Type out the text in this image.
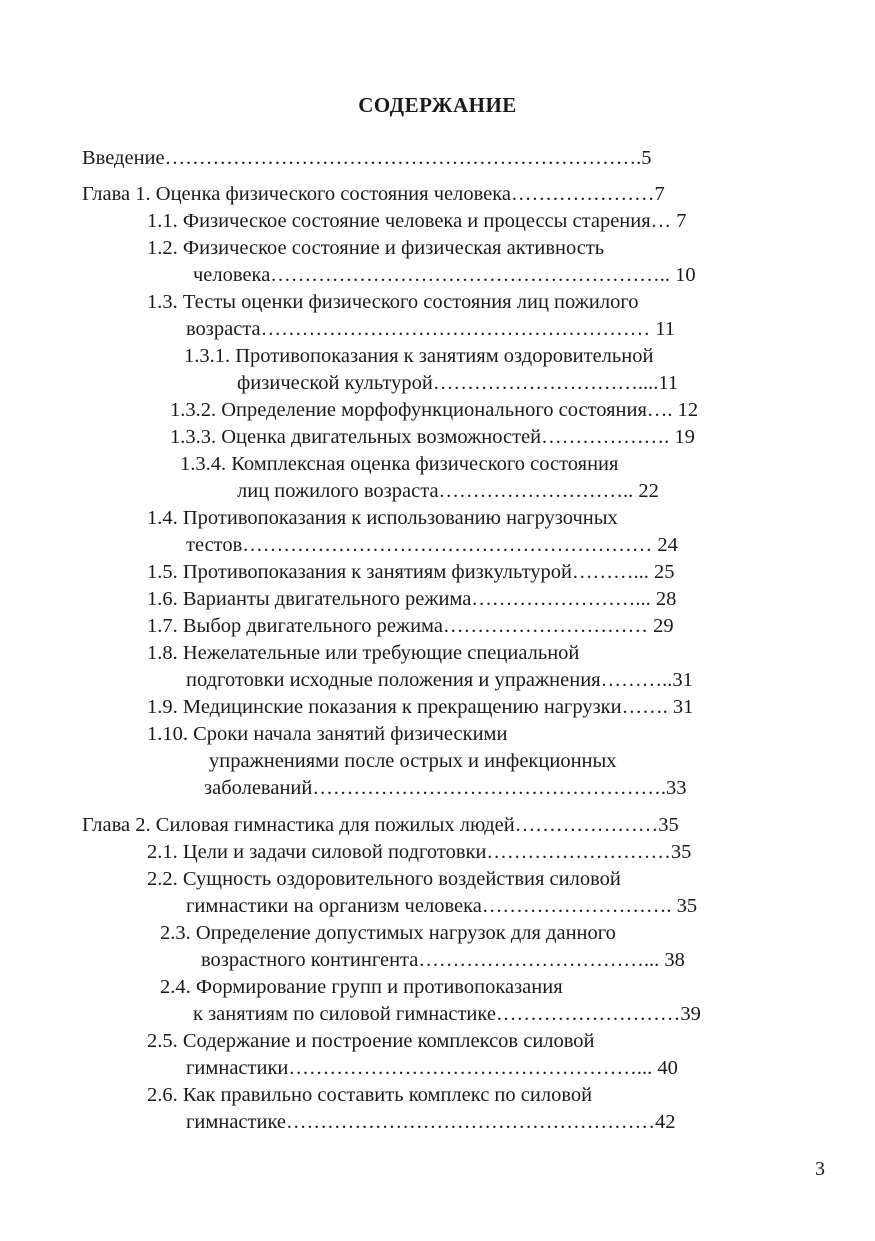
СОДЕРЖАНИЕ
Введение…………………………………………………………….5
Глава 1. Оценка физического состояния человека…………………7
1.1. Физическое состояние человека и процессы старения… 7
1.2. Физическое состояние и физическая активность
человека………………………………………………….. 10
1.3. Тесты оценки физического состояния лиц пожилого
возраста………………………………………………… 11
1.3.1. Противопоказания к занятиям оздоровительной
физической культурой…………………………....11
1.3.2. Определение морфофункционального состояния…. 12
1.3.3. Оценка двигательных возможностей………………. 19
1.3.4. Комплексная оценка физического состояния
лиц пожилого возраста……………………….. 22
1.4. Противопоказания к использованию нагрузочных
тестов…………………………………………………… 24
1.5. Противопоказания к занятиям физкультурой………... 25
1.6. Варианты двигательного режима……………………... 28
1.7. Выбор двигательного режима………………………… 29
1.8. Нежелательные или требующие специальной
подготовки исходные положения и упражнения………..31
1.9. Медицинские показания к прекращению нагрузки……. 31
1.10. Сроки начала занятий физическими
упражнениями после острых и инфекционных
заболеваний…………………………………………….33
Глава 2. Силовая гимнастика для пожилых людей…………………35
2.1. Цели и задачи силовой подготовки………………………35
2.2. Сущность оздоровительного воздействия силовой
гимнастики на организм человека………………………. 35
2.3. Определение допустимых нагрузок для данного
возрастного контингента……………………………... 38
2.4. Формирование групп и противопоказания
к занятиям по силовой гимнастике………………………39
2.5. Содержание и построение комплексов силовой
гимнастики……………………………………………... 40
2.6. Как правильно составить комплекс по силовой
гимнастике………………………………………………42
3
